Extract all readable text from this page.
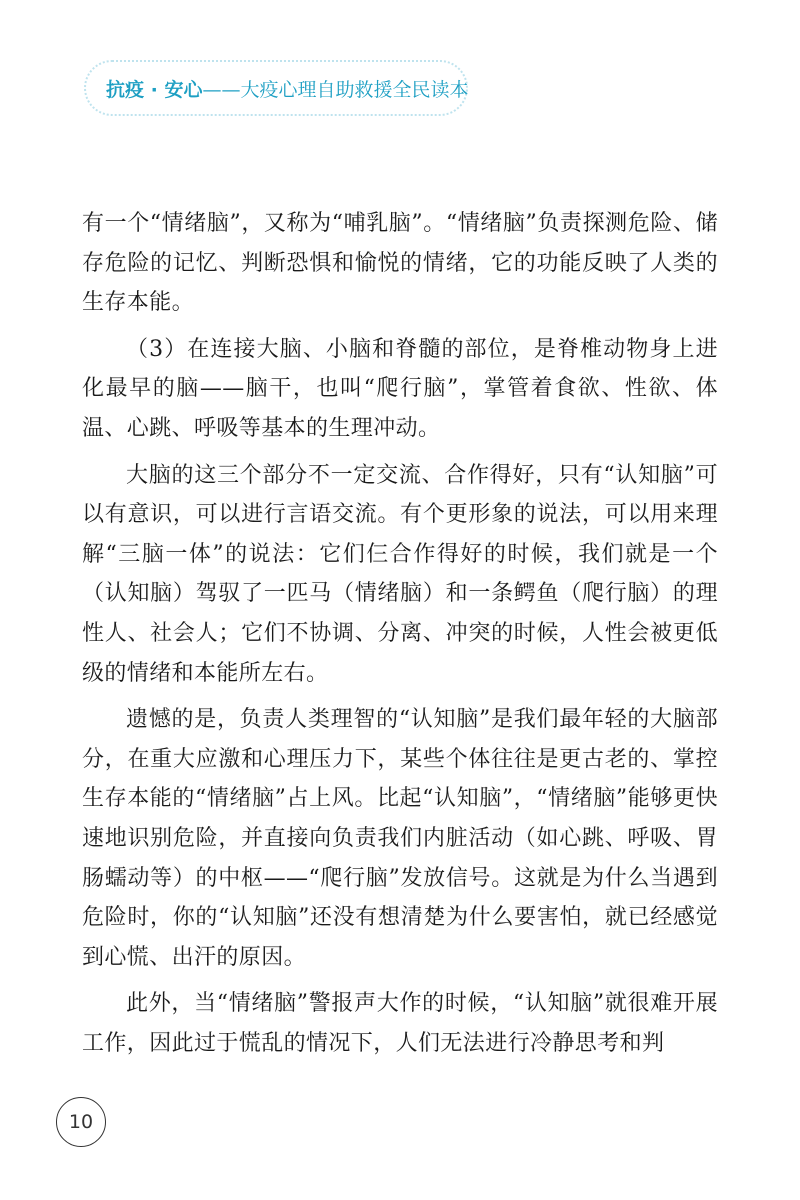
抗疫 · 安心 ——大疫心理自助救援全民读本

有一个“情绪脑”，又称为“哺乳脑”。“情绪脑”负责探测危险、储存危险的记忆、判断恐惧和愉悦的情绪，它的功能反映了人类的生存本能。

（3）在连接大脑、小脑和脊髓的部位，是脊椎动物身上进化最早的脑——脑干，也叫“爬行脑”，掌管着食欲、性欲、体温、心跳、呼吸等基本的生理冲动。

大脑的这三个部分不一定交流、合作得好，只有“认知脑”可以有意识，可以进行言语交流。有个更形象的说法，可以用来理解“三脑一体”的说法：它们仨合作得好的时候，我们就是一个（认知脑）驾驭了一匹马（情绪脑）和一条鳄鱼（爬行脑）的理性人、社会人；它们不协调、分离、冲突的时候，人性会被更低级的情绪和本能所左右。

遗憾的是，负责人类理智的“认知脑”是我们最年轻的大脑部分，在重大应激和心理压力下，某些个体往往是更古老的、掌控生存本能的“情绪脑”占上风。比起“认知脑”，“情绪脑”能够更快速地识别危险，并直接向负责我们内脏活动（如心跳、呼吸、胃肠蠕动等）的中枢——“爬行脑”发放信号。这就是为什么当遇到危险时，你的“认知脑”还没有想清楚为什么要害怕，就已经感觉到心慌、出汗的原因。

此外，当“情绪脑”警报声大作的时候，“认知脑”就很难开展工作，因此过于慌乱的情况下，人们无法进行冷静思考和判

10
